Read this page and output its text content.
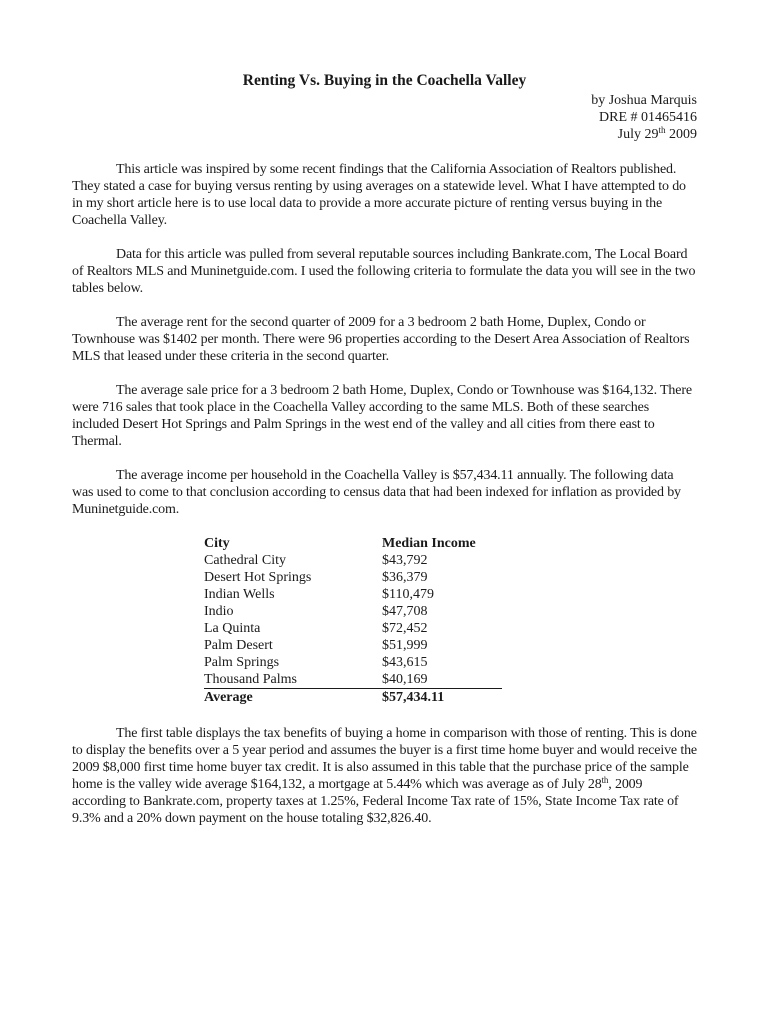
Renting Vs. Buying in the Coachella Valley
by Joshua Marquis
DRE # 01465416
July 29th 2009

This article was inspired by some recent findings that the California Association of Realtors published. They stated a case for buying versus renting by using averages on a statewide level. What I have attempted to do in my short article here is to use local data to provide a more accurate picture of renting versus buying in the Coachella Valley.

Data for this article was pulled from several reputable sources including Bankrate.com, The Local Board of Realtors MLS and Muninetguide.com. I used the following criteria to formulate the data you will see in the two tables below.

The average rent for the second quarter of 2009 for a 3 bedroom 2 bath Home, Duplex, Condo or Townhouse was $1402 per month. There were 96 properties according to the Desert Area Association of Realtors MLS that leased under these criteria in the second quarter.

The average sale price for a 3 bedroom 2 bath Home, Duplex, Condo or Townhouse was $164,132. There were 716 sales that took place in the Coachella Valley according to the same MLS. Both of these searches included Desert Hot Springs and Palm Springs in the west end of the valley and all cities from there east to Thermal.

The average income per household in the Coachella Valley is $57,434.11 annually. The following data was used to come to that conclusion according to census data that had been indexed for inflation as provided by Muninetguide.com.

City	Median Income
Cathedral City	$43,792
Desert Hot Springs	$36,379
Indian Wells	$110,479
Indio	$47,708
La Quinta	$72,452
Palm Desert	$51,999
Palm Springs	$43,615
Thousand Palms	$40,169
Average	$57,434.11

The first table displays the tax benefits of buying a home in comparison with those of renting. This is done to display the benefits over a 5 year period and assumes the buyer is a first time home buyer and would receive the 2009 $8,000 first time home buyer tax credit. It is also assumed in this table that the purchase price of the sample home is the valley wide average $164,132, a mortgage at 5.44% which was average as of July 28th, 2009 according to Bankrate.com, property taxes at 1.25%, Federal Income Tax rate of 15%, State Income Tax rate of 9.3% and a 20% down payment on the house totaling $32,826.40.
